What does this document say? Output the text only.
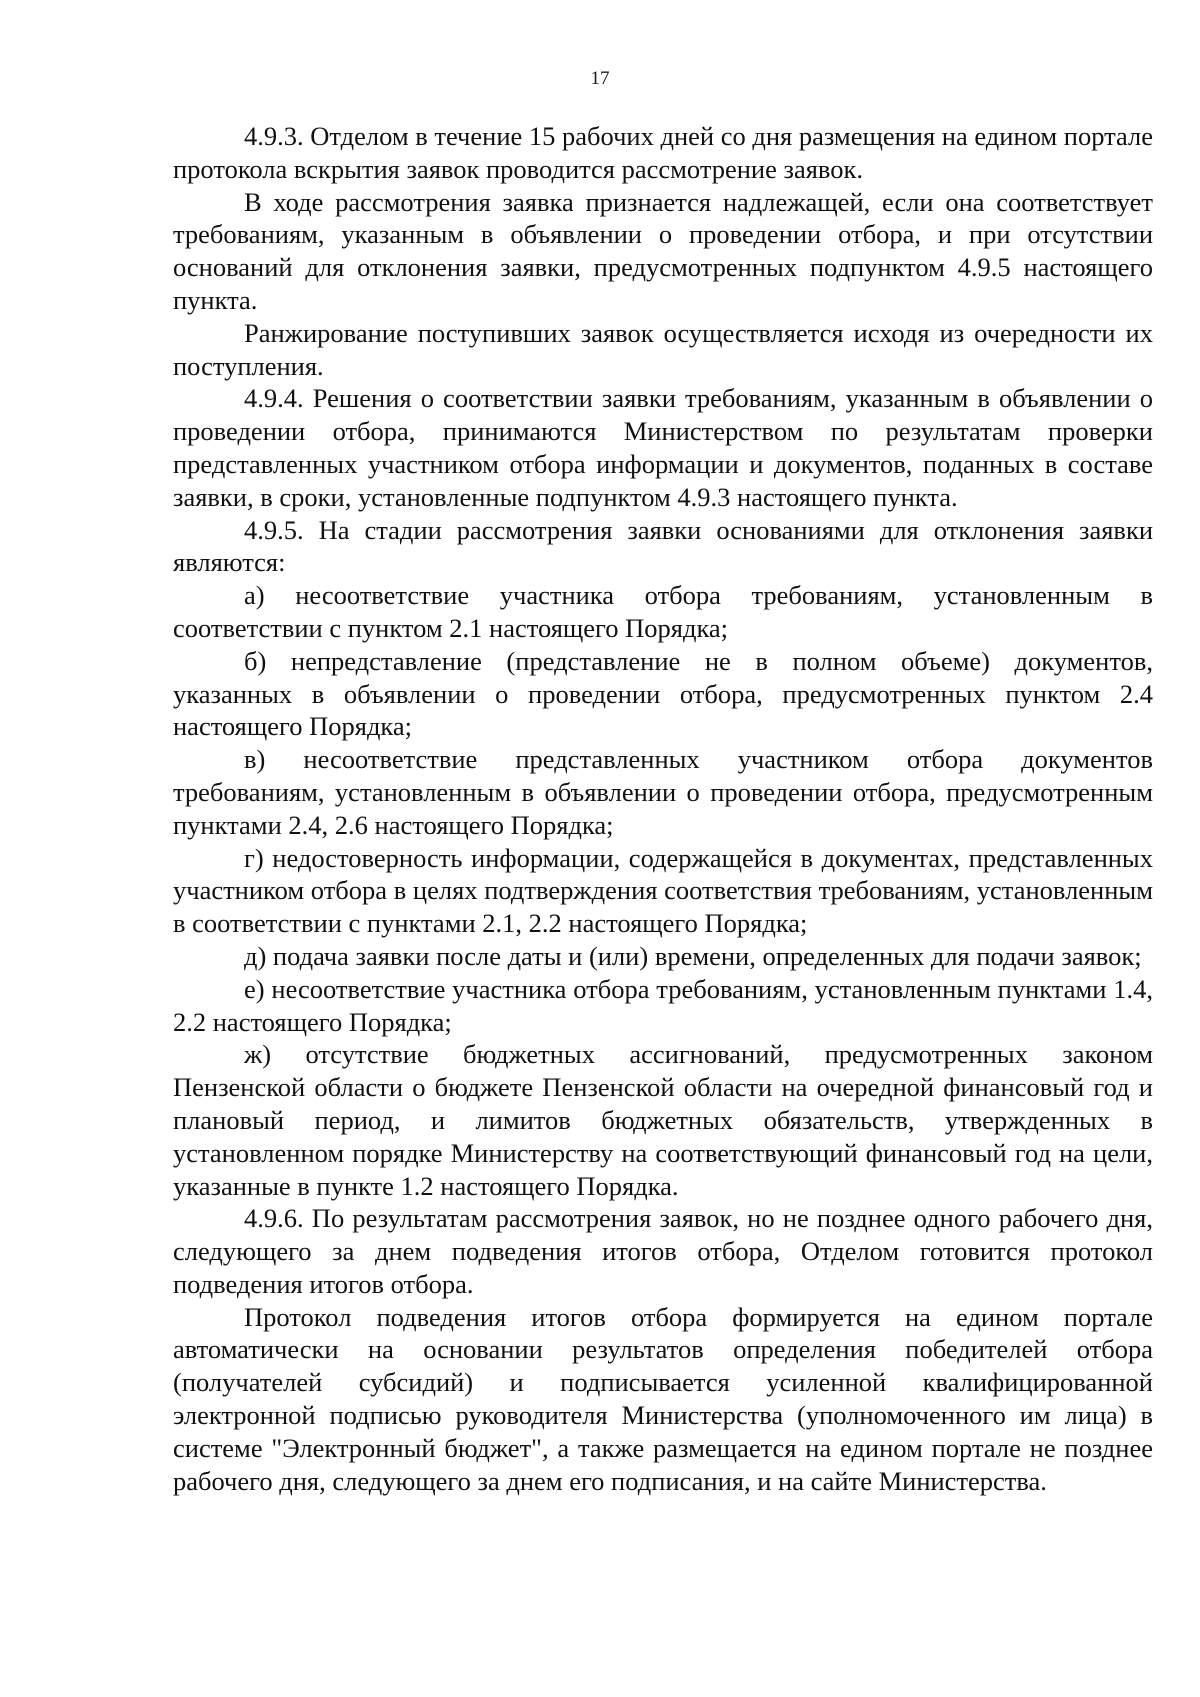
17

4.9.3. Отделом в течение 15 рабочих дней со дня размещения на едином портале протокола вскрытия заявок проводится рассмотрение заявок.

В ходе рассмотрения заявка признается надлежащей, если она соответствует требованиям, указанным в объявлении о проведении отбора, и при отсутствии оснований для отклонения заявки, предусмотренных подпунктом 4.9.5 настоящего пункта.

Ранжирование поступивших заявок осуществляется исходя из очередности их поступления.

4.9.4. Решения о соответствии заявки требованиям, указанным в объявлении о проведении отбора, принимаются Министерством по результатам проверки представленных участником отбора информации и документов, поданных в составе заявки, в сроки, установленные подпунктом 4.9.3 настоящего пункта.

4.9.5. На стадии рассмотрения заявки основаниями для отклонения заявки являются:

а) несоответствие участника отбора требованиям, установленным в соответствии с пунктом 2.1 настоящего Порядка;

б) непредставление (представление не в полном объеме) документов, указанных в объявлении о проведении отбора, предусмотренных пунктом 2.4 настоящего Порядка;

в) несоответствие представленных участником отбора документов требованиям, установленным в объявлении о проведении отбора, предусмотренным пунктами 2.4, 2.6 настоящего Порядка;

г) недостоверность информации, содержащейся в документах, представленных участником отбора в целях подтверждения соответствия требованиям, установленным в соответствии с пунктами 2.1, 2.2 настоящего Порядка;

д) подача заявки после даты и (или) времени, определенных для подачи заявок;

е) несоответствие участника отбора требованиям, установленным пунктами 1.4, 2.2 настоящего Порядка;

ж) отсутствие бюджетных ассигнований, предусмотренных законом Пензенской области о бюджете Пензенской области на очередной финансовый год и плановый период, и лимитов бюджетных обязательств, утвержденных в установленном порядке Министерству на соответствующий финансовый год на цели, указанные в пункте 1.2 настоящего Порядка.

4.9.6. По результатам рассмотрения заявок, но не позднее одного рабочего дня, следующего за днем подведения итогов отбора, Отделом готовится протокол подведения итогов отбора.

Протокол подведения итогов отбора формируется на едином портале автоматически на основании результатов определения победителей отбора (получателей субсидий) и подписывается усиленной квалифицированной электронной подписью руководителя Министерства (уполномоченного им лица) в системе "Электронный бюджет", а также размещается на едином портале не позднее рабочего дня, следующего за днем его подписания, и на сайте Министерства.
